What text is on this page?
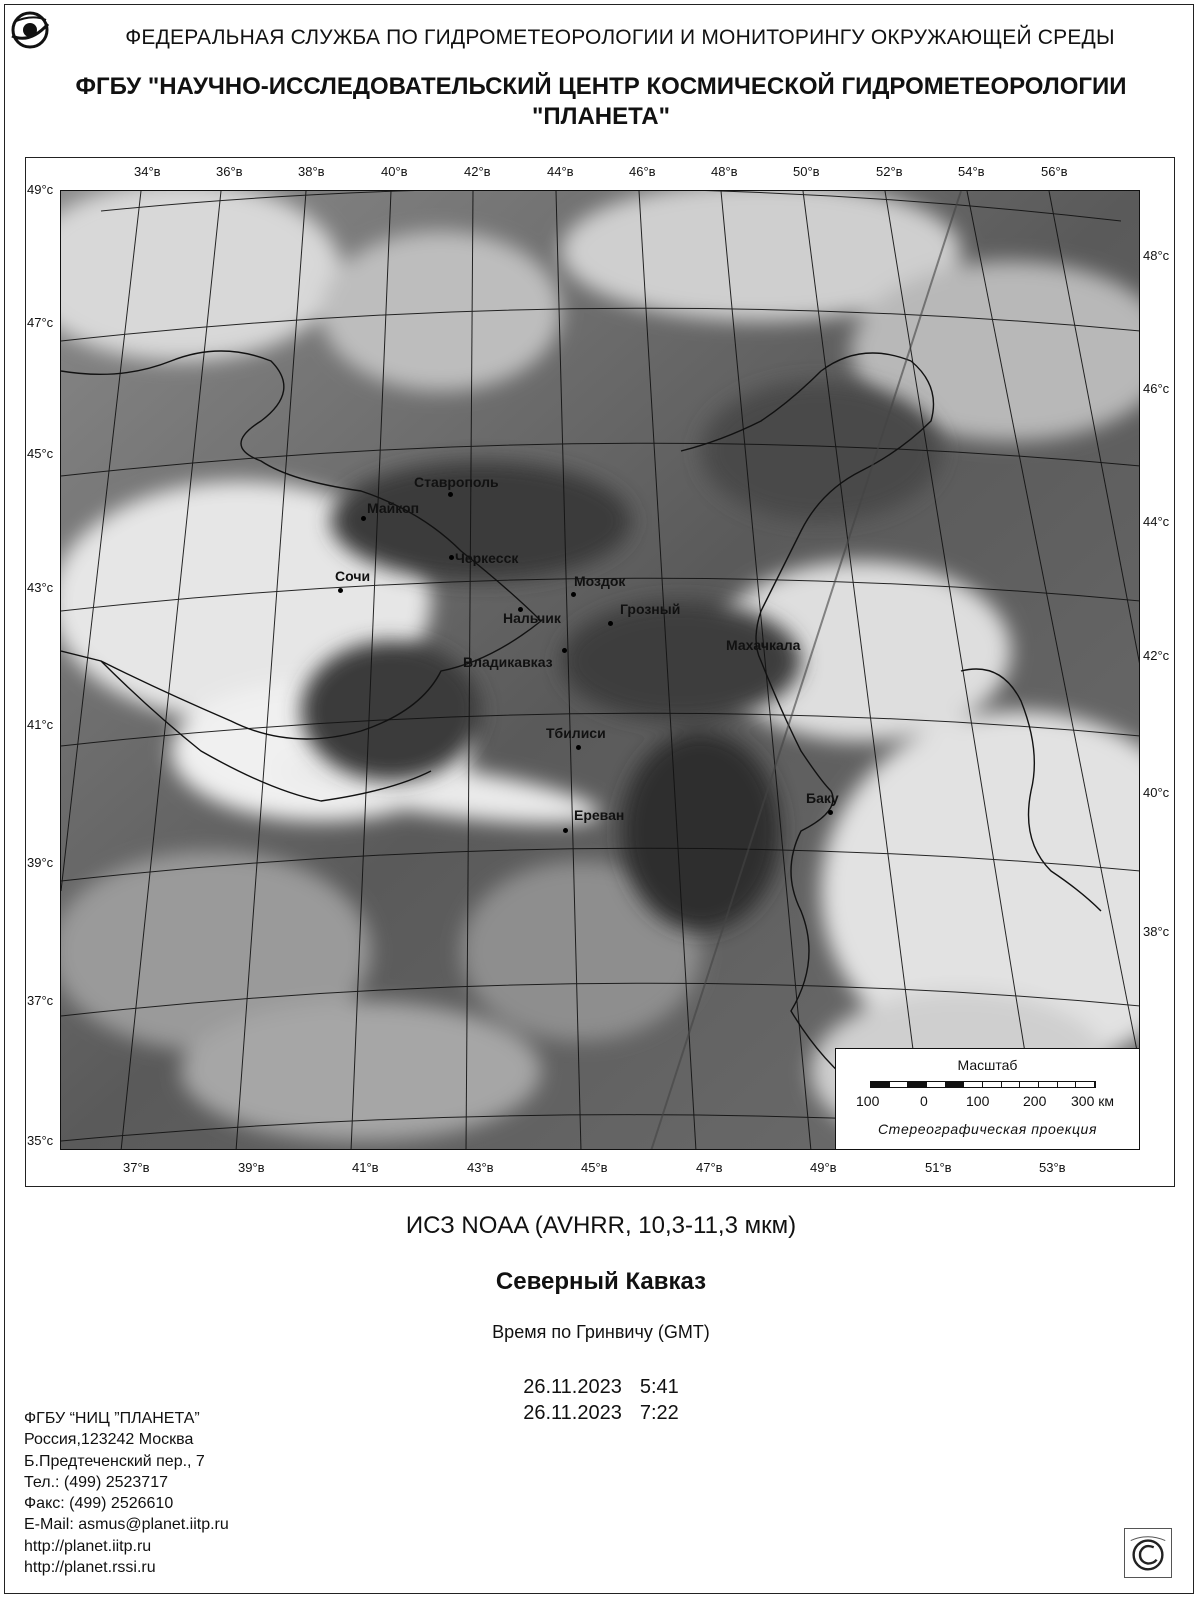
ФЕДЕРАЛЬНАЯ СЛУЖБА ПО ГИДРОМЕТЕОРОЛОГИИ И МОНИТОРИНГУ ОКРУЖАЮЩЕЙ СРЕДЫ
ФГБУ "НАУЧНО-ИССЛЕДОВАТЕЛЬСКИЙ ЦЕНТР КОСМИЧЕСКОЙ ГИДРОМЕТЕОРОЛОГИИ
"ПЛАНЕТА"
34°в	36°в	38°в	40°в	42°в	44°в	46°в	48°в	50°в	52°в	54°в	56°в
37°в	39°в	41°в	43°в	45°в	47°в	49°в	51°в	53°в
49°с
47°с
45°с
43°с
41°с
39°с
37°с
35°с
48°с
46°с
44°с
42°с
40°с
38°с
Ставрополь
Майкоп
Черкесск
Сочи	Моздок
Грозный
Нальчик
Владикавказ
Махачкала
Тбилиси
Ереван
Баку
Масштаб
100	0	100 200 300 км
Стереографическая проекция
ИСЗ NOAA (AVHRR, 10,3-11,3 мкм)
Северный Кавказ
Время по Гринвичу (GMT)
26.11.2023 5:41
26.11.2023 7:22
ФГБУ “НИЦ ”ПЛАНЕТА”
Россия,123242 Москва
Б.Предтеченский пер., 7
Тел.: (499) 2523717
Факс: (499) 2526610
E-Mail: asmus@planet.iitp.ru
http://planet.iitp.ru
http://planet.rssi.ru
